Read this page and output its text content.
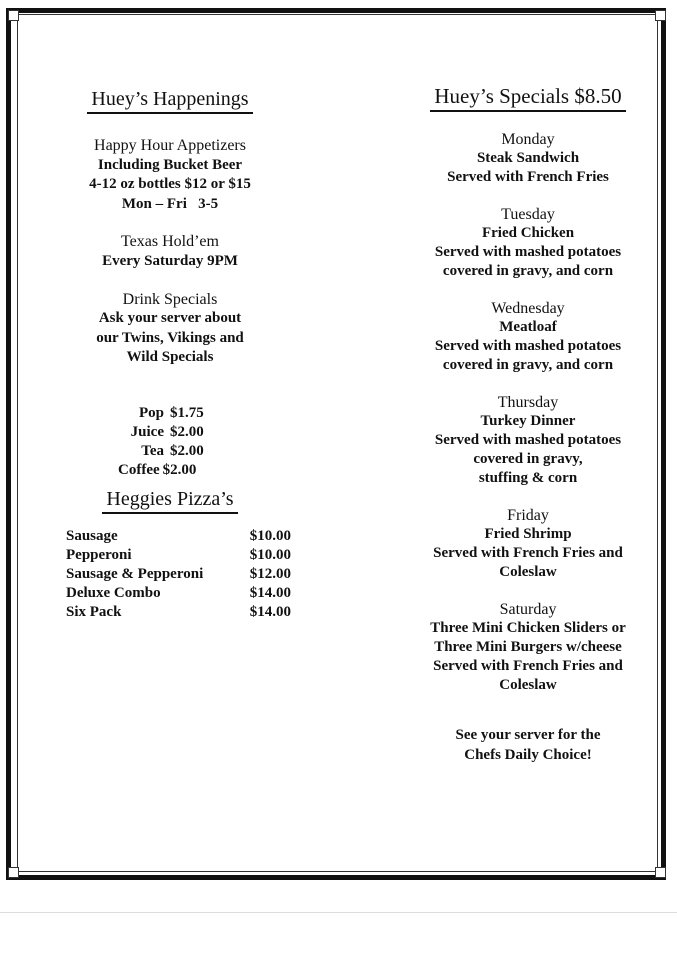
Huey’s Happenings
Happy Hour Appetizers
Including Bucket Beer
4-12 oz bottles $12 or $15
Mon – Fri   3-5
Texas Hold’em
Every Saturday 9PM
Drink Specials
Ask your server about
our Twins, Vikings and
Wild Specials
Pop $1.75
Juice $2.00
Tea $2.00
Coffee $2.00
Heggies Pizza’s
Sausage	$10.00
Pepperoni	$10.00
Sausage & Pepperoni	$12.00
Deluxe Combo	$14.00
Six Pack	$14.00
Huey’s Specials $8.50
Monday
Steak Sandwich
Served with French Fries
Tuesday
Fried Chicken
Served with mashed potatoes
covered in gravy, and corn
Wednesday
Meatloaf
Served with mashed potatoes
covered in gravy, and corn
Thursday
Turkey Dinner
Served with mashed potatoes
covered in gravy,
stuffing & corn
Friday
Fried Shrimp
Served with French Fries and
Coleslaw
Saturday
Three Mini Chicken Sliders or
Three Mini Burgers w/cheese
Served with French Fries and
Coleslaw
See your server for the
Chefs Daily Choice!
